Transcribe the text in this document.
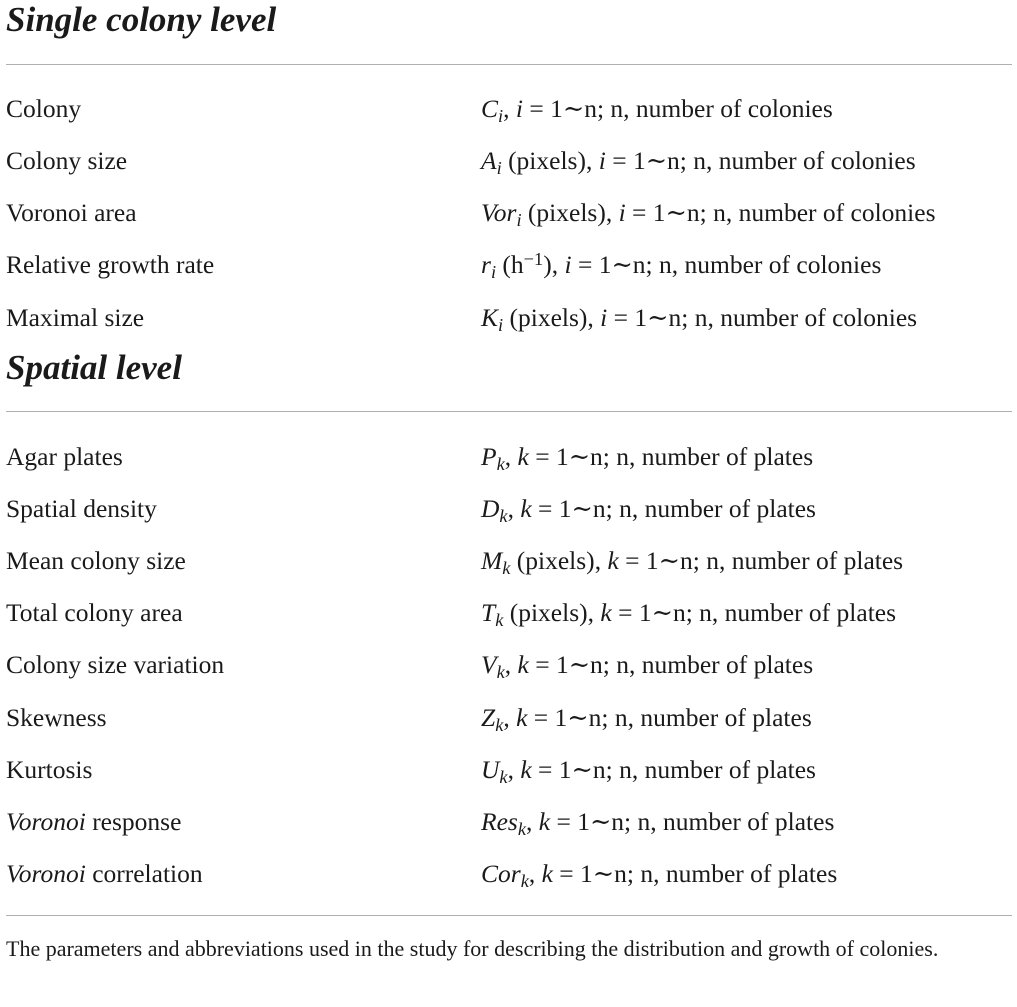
Single colony level
Colony	$C_i$, i = 1∼n; n, number of colonies
Colony size	$A_i$ (pixels), i = 1∼n; n, number of colonies
Voronoi area	Vor$_i$ (pixels), i = 1∼n; n, number of colonies
Relative growth rate	$r_i$ $(h^{-1})$, i = 1∼n; n, number of colonies
Maximal size	$K_i$ (pixels), i = 1∼n; n, number of colonies
Spatial level
Agar plates	$P_k$, k = 1∼n; n, number of plates
Spatial density	$D_k$, k = 1∼n; n, number of plates
Mean colony size	$M_k$ (pixels), k = 1∼n; n, number of plates
Total colony area	$T_k$ (pixels), k = 1∼n; n, number of plates
Colony size variation	$V_k$, k = 1∼n; n, number of plates
Skewness	$Z_k$, k = 1∼n; n, number of plates
Kurtosis	$U_k$, k = 1∼n; n, number of plates
Voronoi response	Res$_k$, k = 1∼n; n, number of plates
Voronoi correlation	Cor$_k$, k = 1∼n; n, number of plates

The parameters and abbreviations used in the study for describing the distribution and growth of colonies.
